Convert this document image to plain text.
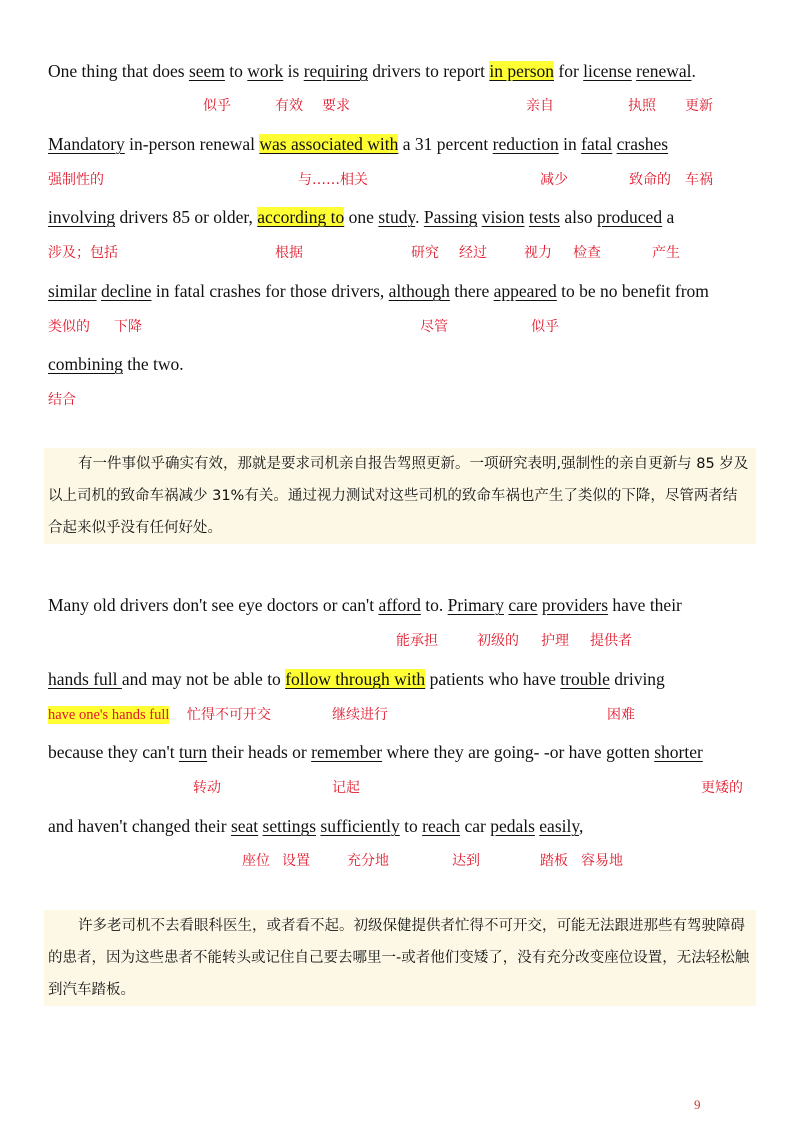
One thing that does seem to work is requiring drivers to report in person for license renewal.
似乎	有效 要求	亲自	执照 更新
Mandatory in-person renewal was associated with a 31 percent reduction in fatal crashes
强制性的	与……相关	减少	致命的 车祸
involving drivers 85 or older, according to one study. Passing vision tests also produced a
涉及；包括	根据	研究 经过	视力 检查	产生
similar decline in fatal crashes for those drivers, although there appeared to be no benefit from
类似的 下降	尽管	似乎
combining the two.
结合
有一件事似乎确实有效，那就是要求司机亲自报告驾照更新。一项研究表明,强制性的亲自更新与 85 岁及以上司机的致命车祸减少 31%有关。通过视力测试对这些司机的致命车祸也产生了类似的下降，尽管两者结合起来似乎没有任何好处。
Many old drivers don't see eye doctors or can't afford to. Primary care providers have their
能承担	初级的 护理 提供者
hands full and may not be able to follow through with patients who have trouble driving
have one's hands full 忙得不可开交	继续进行	困难
because they can't turn their heads or remember where they are going- -or have gotten shorter
转动	记起	更矮的
and haven't changed their seat settings sufficiently to reach car pedals easily,
座位 设置	充分地	达到	踏板 容易地
许多老司机不去看眼科医生，或者看不起。初级保健提供者忙得不可开交，可能无法跟进那些有驾驶障碍的患者，因为这些患者不能转头或记住自己要去哪里一-或者他们变矮了，没有充分改变座位设置，无法轻松触到汽车踏板。
9
